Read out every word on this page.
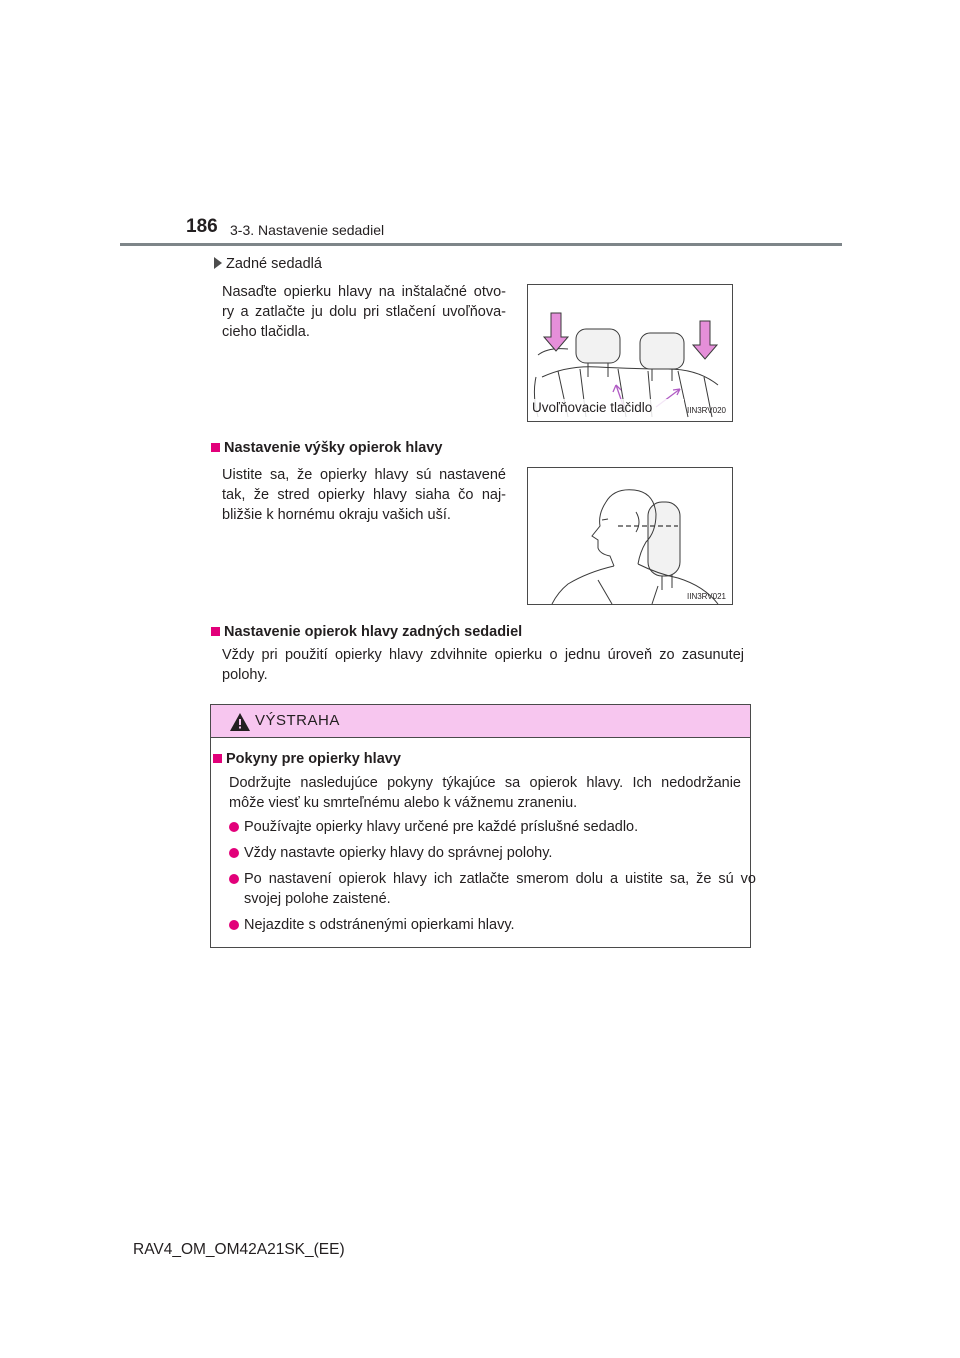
186 3-3. Nastavenie sedadiel
Zadné sedadlá
Nasaďte opierku hlavy na inštalačné otvo-
ry a zatlačte ju dolu pri stlačení uvoľňova-
cieho tlačidla.
Uvoľňovacie tlačidlo	IIN3RV020
Nastavenie výšky opierok hlavy
Uistite sa, že opierky hlavy sú nastavené
tak, že stred opierky hlavy siaha čo naj-
bližšie k hornému okraju vašich uší.
IIN3RV021
Nastavenie opierok hlavy zadných sedadiel
Vždy pri použití opierky hlavy zdvihnite opierku o jednu úroveň zo zasunutej
polohy.
VÝSTRAHA
Pokyny pre opierky hlavy
Dodržujte nasledujúce pokyny týkajúce sa opierok hlavy. Ich nedodržanie
môže viesť ku smrteľnému alebo k vážnemu zraneniu.
Používajte opierky hlavy určené pre každé príslušné sedadlo.
Vždy nastavte opierky hlavy do správnej polohy.
Po nastavení opierok hlavy ich zatlačte smerom dolu a uistite sa, že sú vo
svojej polohe zaistené.
Nejazdite s odstránenými opierkami hlavy.
RAV4_OM_OM42A21SK_(EE)
